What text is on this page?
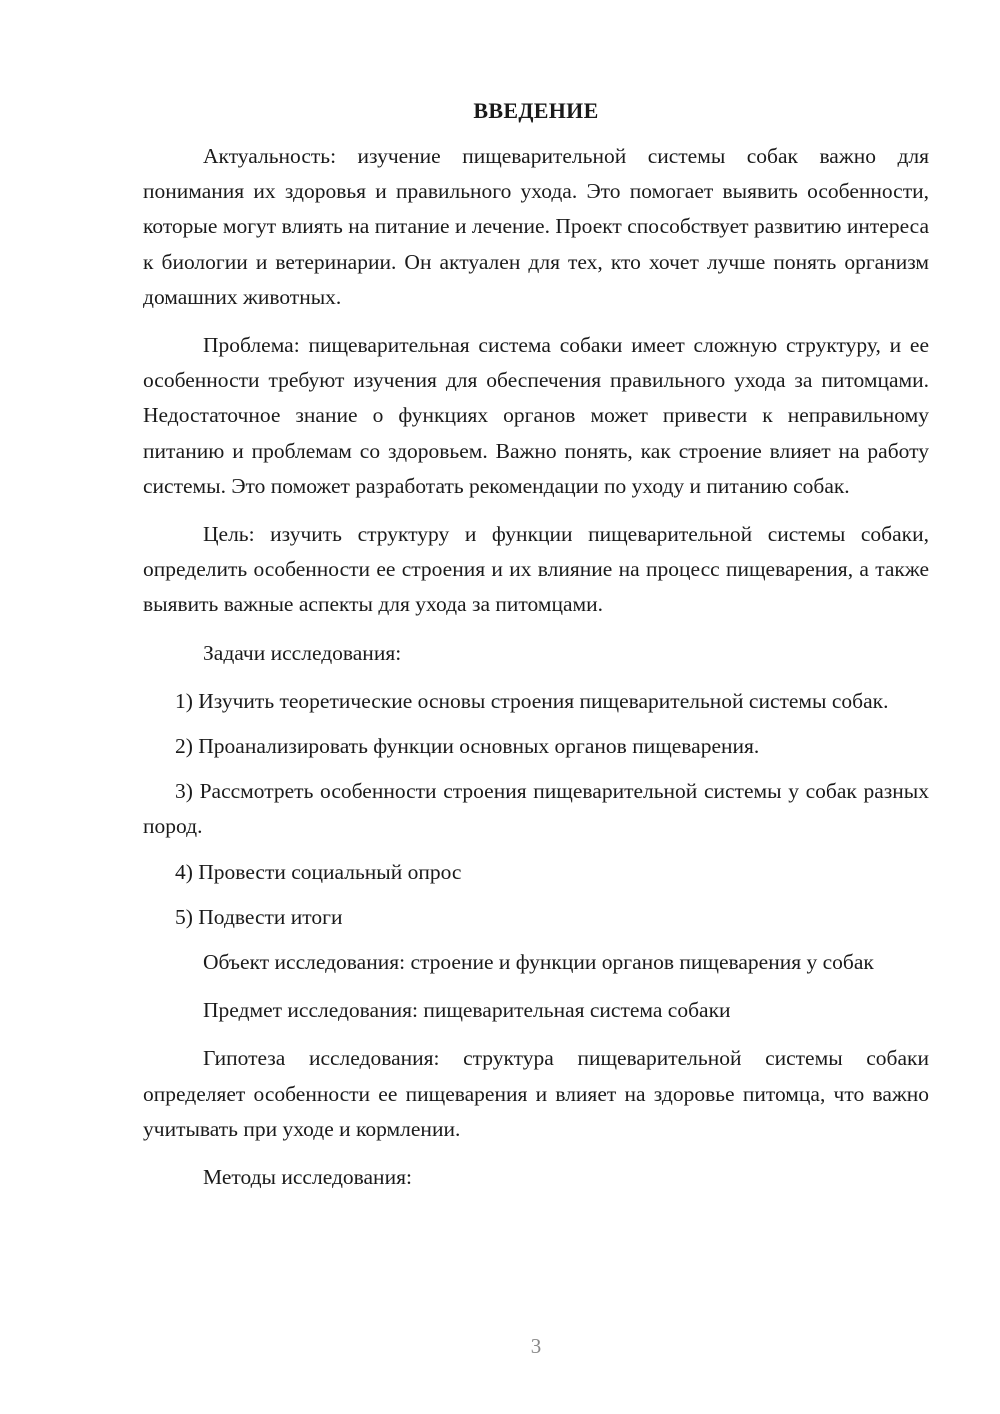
ВВЕДЕНИЕ

Актуальность: изучение пищеварительной системы собак важно для понимания их здоровья и правильного ухода. Это помогает выявить особенности, которые могут влиять на питание и лечение. Проект способствует развитию интереса к биологии и ветеринарии. Он актуален для тех, кто хочет лучше понять организм домашних животных.

Проблема: пищеварительная система собаки имеет сложную структуру, и ее особенности требуют изучения для обеспечения правильного ухода за питомцами. Недостаточное знание о функциях органов может привести к неправильному питанию и проблемам со здоровьем. Важно понять, как строение влияет на работу системы. Это поможет разработать рекомендации по уходу и питанию собак.

Цель: изучить структуру и функции пищеварительной системы собаки, определить особенности ее строения и их влияние на процесс пищеварения, а также выявить важные аспекты для ухода за питомцами.

Задачи исследования:

1) Изучить теоретические основы строения пищеварительной системы собак.

2) Проанализировать функции основных органов пищеварения.

3) Рассмотреть особенности строения пищеварительной системы у собак разных пород.

4) Провести социальный опрос

5) Подвести итоги

Объект исследования: строение и функции органов пищеварения у собак

Предмет исследования: пищеварительная система собаки

Гипотеза исследования: структура пищеварительной системы собаки определяет особенности ее пищеварения и влияет на здоровье питомца, что важно учитывать при уходе и кормлении.

Методы исследования:

3
